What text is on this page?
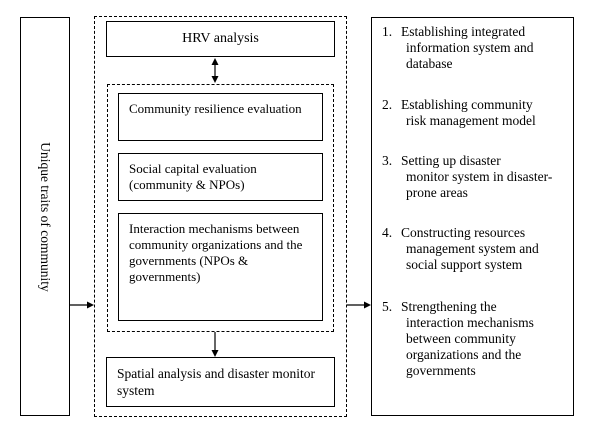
Unique traits of community
HRV analysis
Community resilience evaluation
Social capital evaluation (community & NPOs)
Interaction mechanisms between community organizations and the governments (NPOs & governments)
Spatial analysis and disaster monitor system
1. Establishing integrated
information system and database
2. Establishing community
risk management model
3. Setting up disaster
monitor system in disaster-prone areas
4. Constructing resources
management system and social support system
5. Strengthening the
interaction mechanisms between community organizations and the governments
